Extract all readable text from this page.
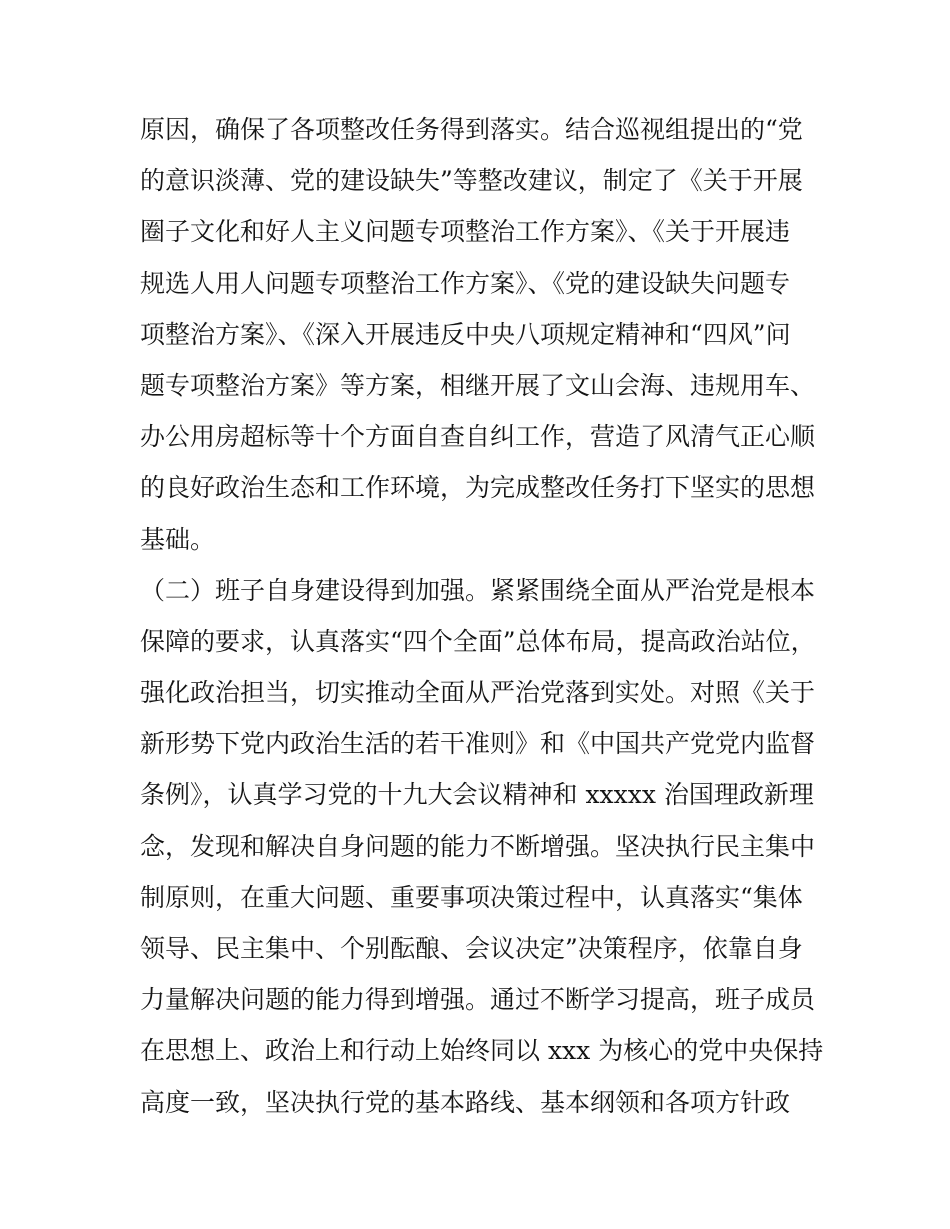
原因，确保了各项整改任务得到落实。结合巡视组提出的“党
的意识淡薄、党的建设缺失”等整改建议，制定了《关于开展
圈子文化和好人主义问题专项整治工作方案》、《关于开展违
规选人用人问题专项整治工作方案》、《党的建设缺失问题专
项整治方案》、《深入开展违反中央八项规定精神和“四风”问
题专项整治方案》等方案，相继开展了文山会海、违规用车、
办公用房超标等十个方面自查自纠工作，营造了风清气正心顺
的良好政治生态和工作环境，为完成整改任务打下坚实的思想
基础。
（二）班子自身建设得到加强。紧紧围绕全面从严治党是根本
保障的要求，认真落实“四个全面”总体布局，提高政治站位，
强化政治担当，切实推动全面从严治党落到实处。对照《关于
新形势下党内政治生活的若干准则》和《中国共产党党内监督
条例》，认真学习党的十九大会议精神和 xxxxx 治国理政新理
念，发现和解决自身问题的能力不断增强。坚决执行民主集中
制原则，在重大问题、重要事项决策过程中，认真落实“集体
领导、民主集中、个别酝酿、会议决定”决策程序，依靠自身
力量解决问题的能力得到增强。通过不断学习提高，班子成员
在思想上、政治上和行动上始终同以 xxx 为核心的党中央保持
高度一致，坚决执行党的基本路线、基本纲领和各项方针政
